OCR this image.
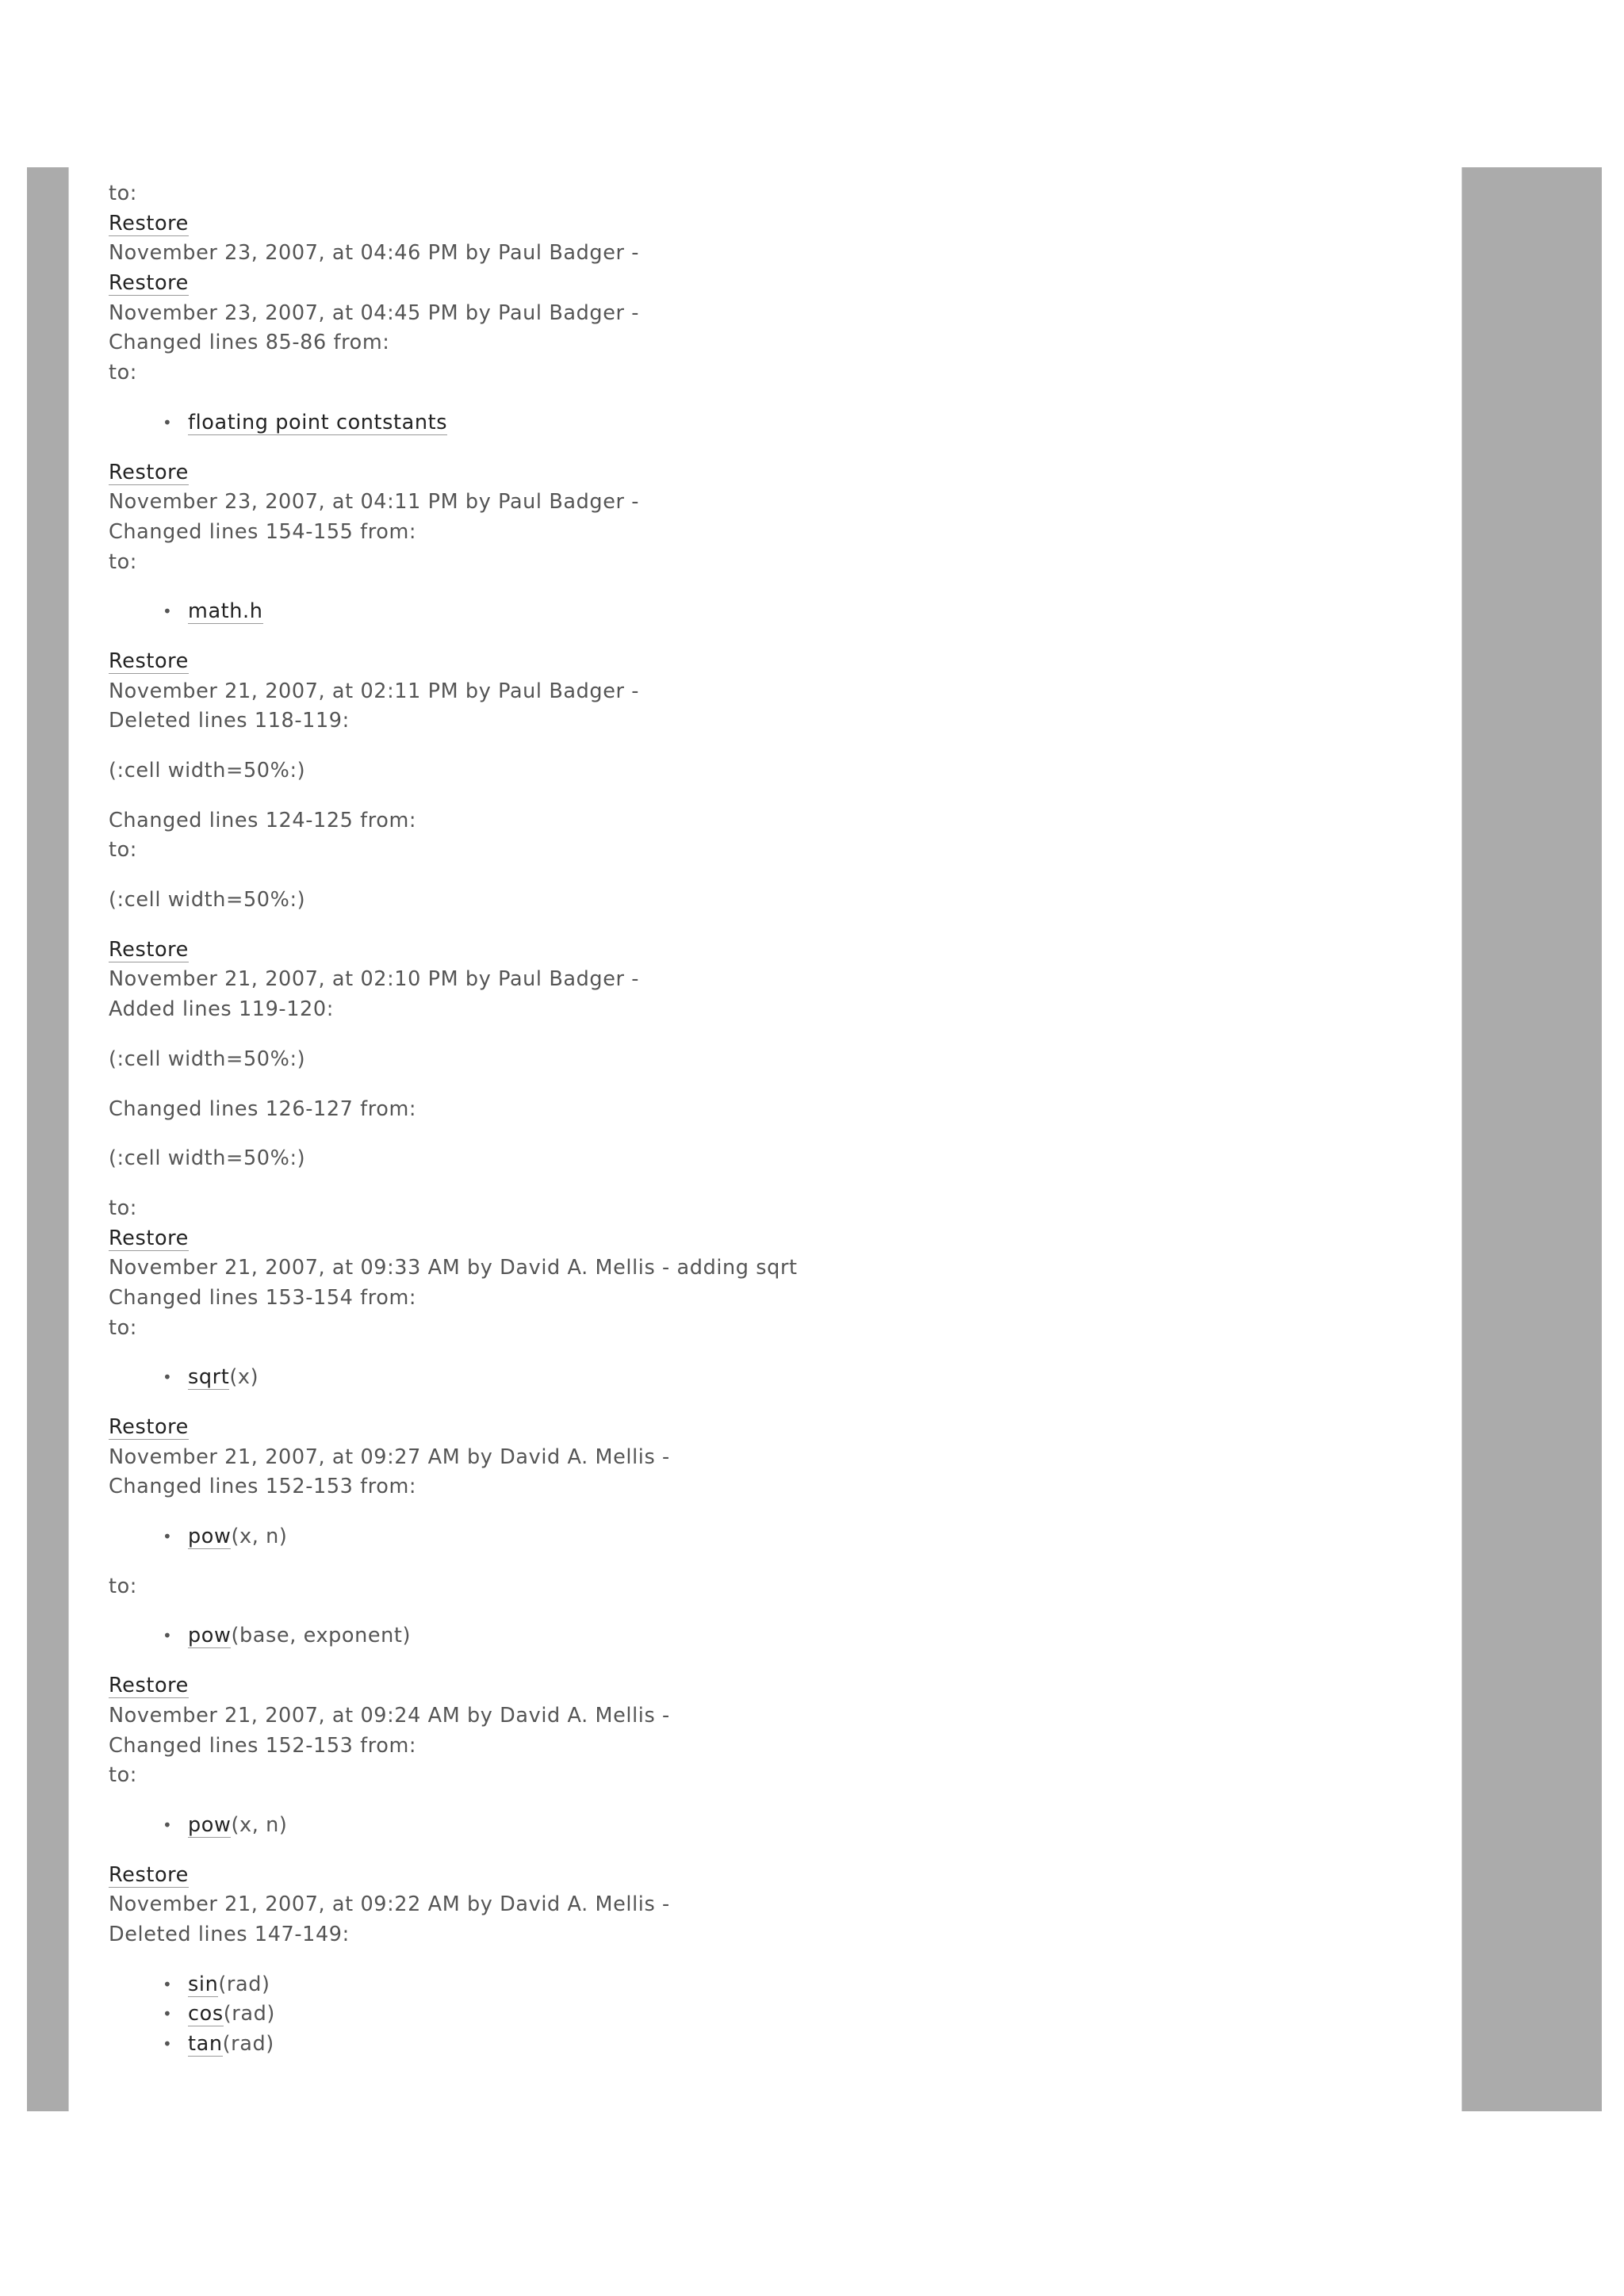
to:
Restore
November 23, 2007, at 04:46 PM by Paul Badger -
Restore
November 23, 2007, at 04:45 PM by Paul Badger -
Changed lines 85-86 from:
to:
• floating point contstants
Restore
November 23, 2007, at 04:11 PM by Paul Badger -
Changed lines 154-155 from:
to:
• math.h
Restore
November 21, 2007, at 02:11 PM by Paul Badger -
Deleted lines 118-119:
(:cell width=50%:)
Changed lines 124-125 from:
to:
(:cell width=50%:)
Restore
November 21, 2007, at 02:10 PM by Paul Badger -
Added lines 119-120:
(:cell width=50%:)
Changed lines 126-127 from:
(:cell width=50%:)
to:
Restore
November 21, 2007, at 09:33 AM by David A. Mellis - adding sqrt
Changed lines 153-154 from:
to:
• sqrt(x)
Restore
November 21, 2007, at 09:27 AM by David A. Mellis -
Changed lines 152-153 from:
• pow(x, n)
to:
• pow(base, exponent)
Restore
November 21, 2007, at 09:24 AM by David A. Mellis -
Changed lines 152-153 from:
to:
• pow(x, n)
Restore
November 21, 2007, at 09:22 AM by David A. Mellis -
Deleted lines 147-149:
• sin(rad)
• cos(rad)
• tan(rad)
